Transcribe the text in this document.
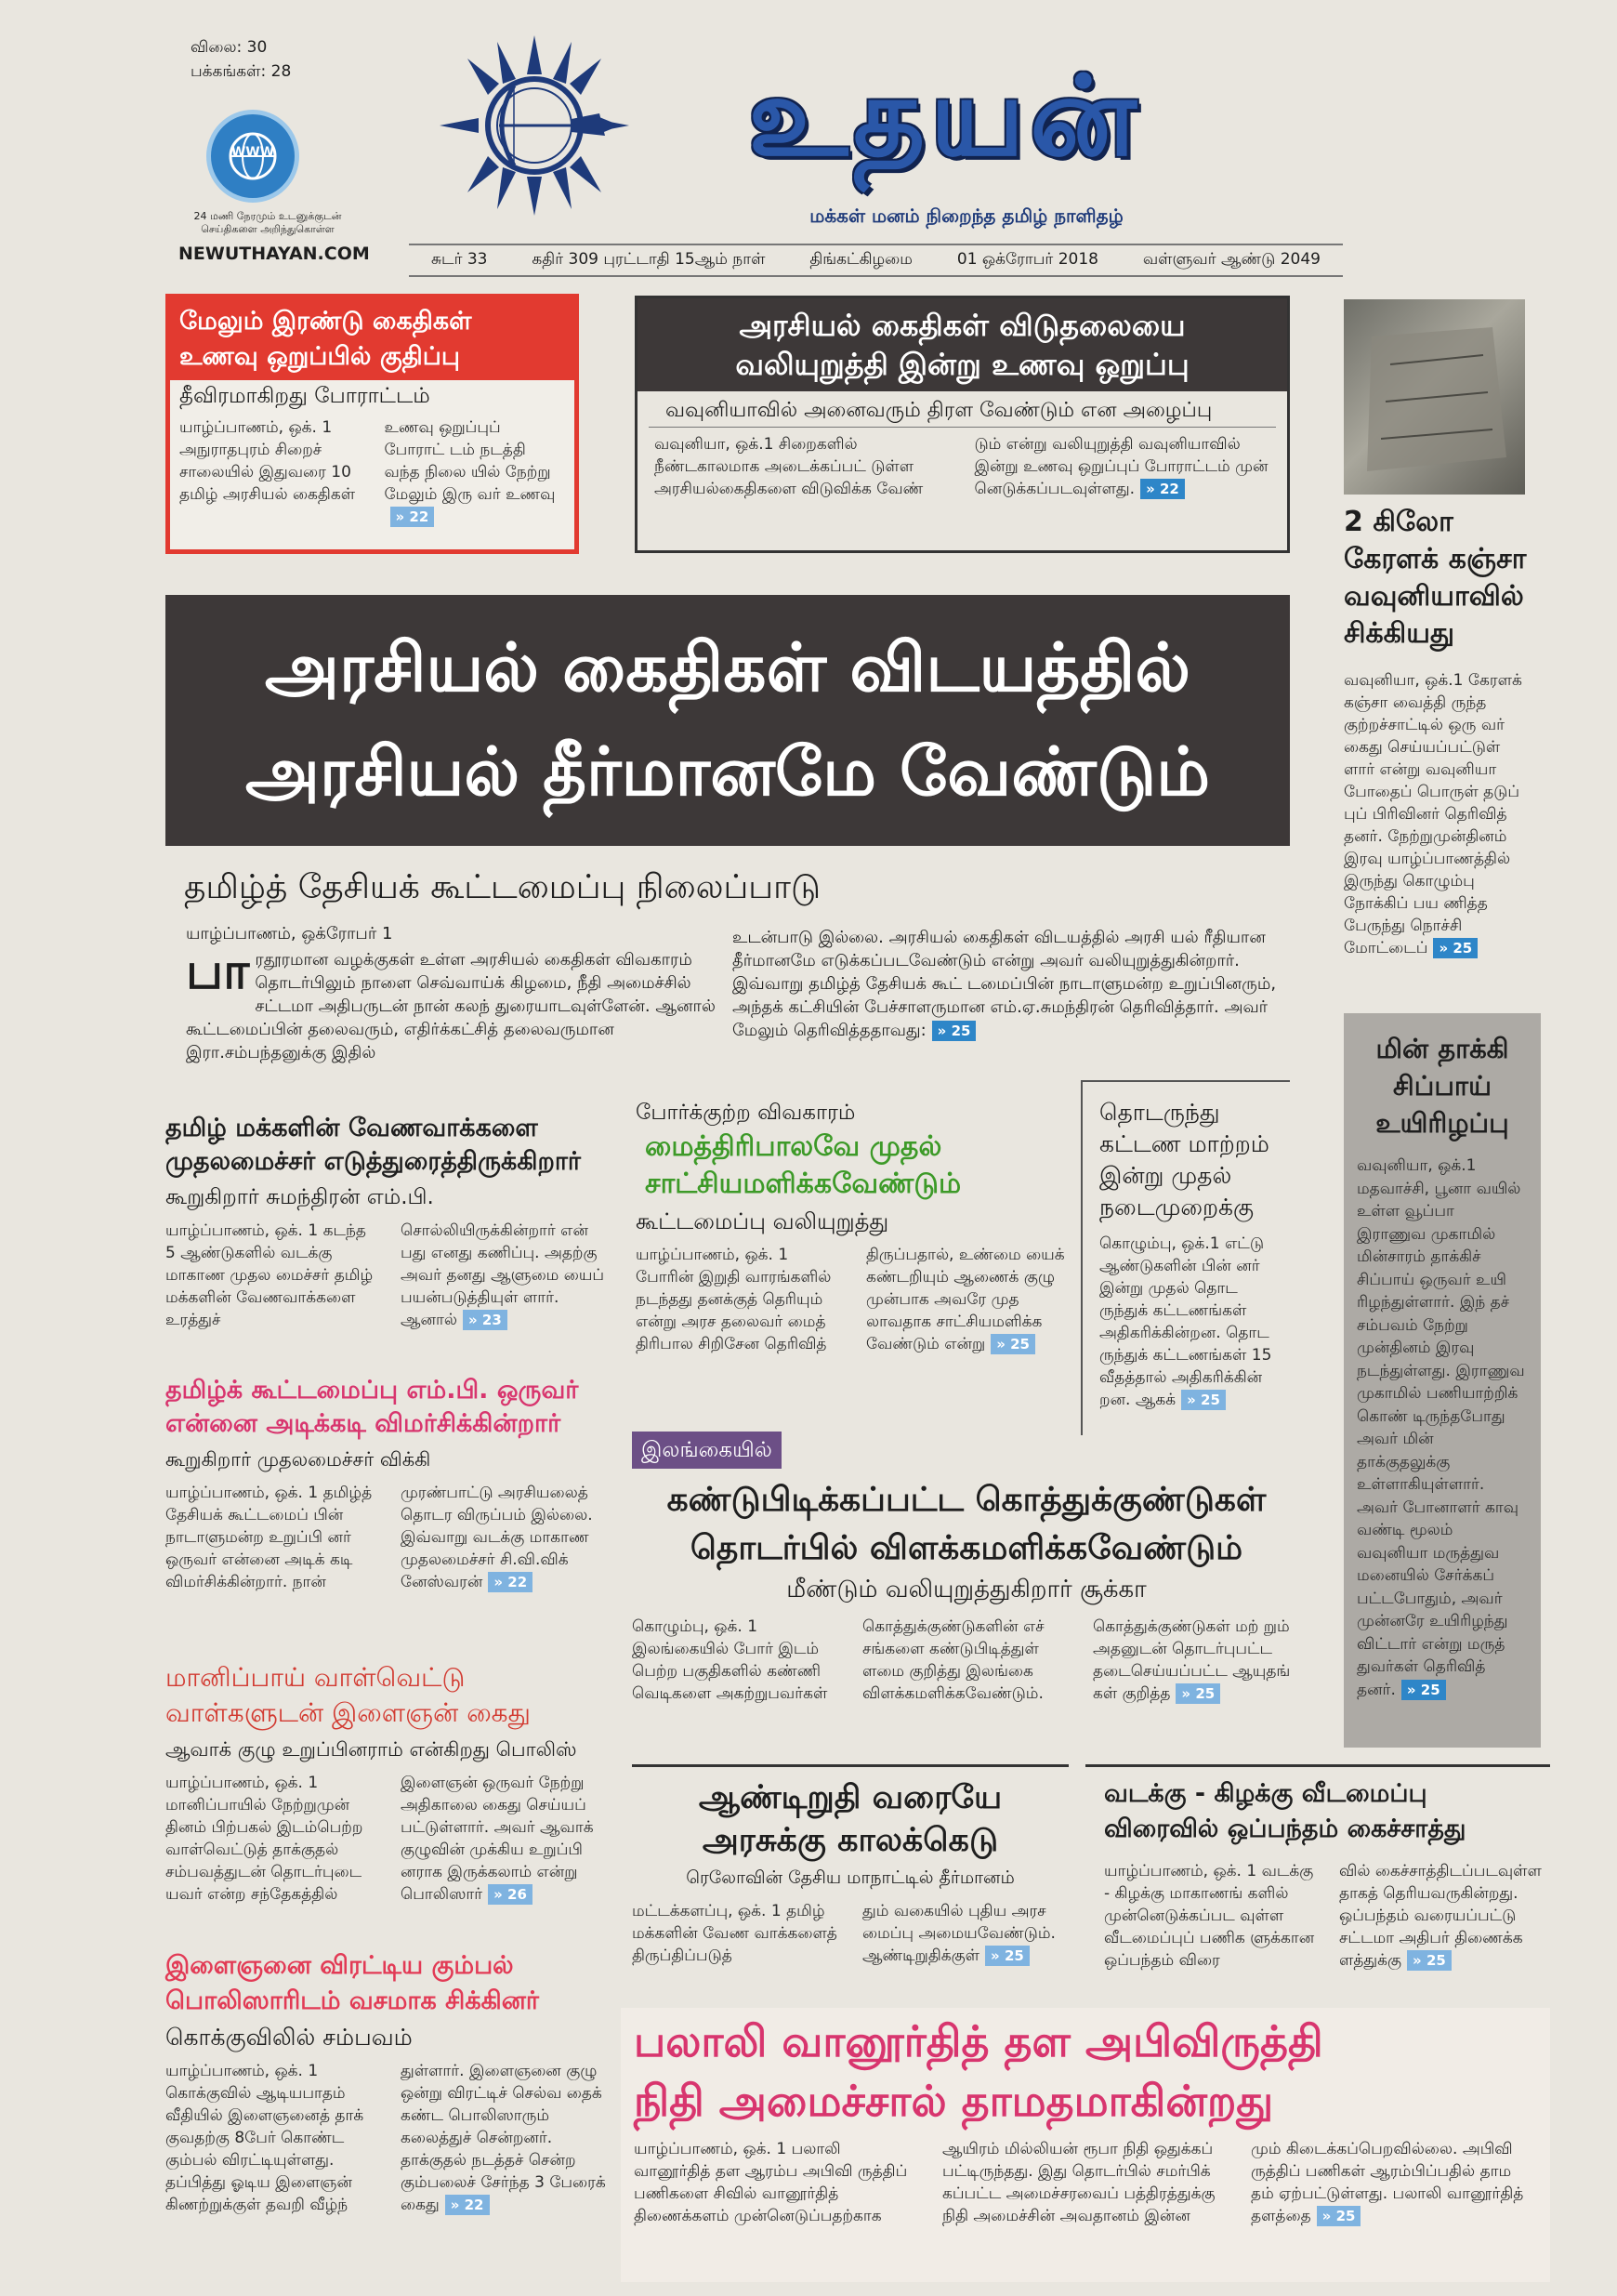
விலை: 30
பக்கங்கள்: 28
WWW
24 மணி நேரமும் உடனுக்குடன் செய்திகளை அறிந்துகொள்ள
NEWUTHAYAN.COM
உதயன்
மக்கள் மனம் நிறைந்த தமிழ் நாளிதழ்
சுடர் 33	கதிர் 309 புரட்டாதி 15ஆம் நாள்	திங்கட்கிழமை	01 ஒக்ரோபர் 2018	வள்ளுவர் ஆண்டு 2049
மேலும் இரண்டு கைதிகள்
உணவு ஒறுப்பில் குதிப்பு
தீவிரமாகிறது போராட்டம்
யாழ்ப்பாணம், ஒக். 1 அநுராதபுரம் சிறைச் சாலையில் இதுவரை 10 தமிழ் அரசியல் கைதிகள்
உணவு ஒறுப்புப் போராட் டம் நடத்தி வந்த நிலை யில் நேற்று மேலும் இரு வர் உணவு» 22
அரசியல் கைதிகள் விடுதலையை
வலியுறுத்தி இன்று உணவு ஒறுப்பு
வவுனியாவில் அனைவரும் திரள வேண்டும் என அழைப்பு
வவுனியா, ஒக்.1 சிறைகளில் நீண்டகாலமாக அடைக்கப்பட் டுள்ள அரசியல்கைதிகளை விடுவிக்க வேண்
டும் என்று வலியுறுத்தி வவுனியாவில் இன்று உணவு ஒறுப்புப் போராட்டம் முன் னெடுக்கப்படவுள்ளது. » 22
2 கிலோ
கேரளக் கஞ்சா
வவுனியாவில்
சிக்கியது
வவுனியா, ஒக்.1 கேரளக் கஞ்சா வைத்தி ருந்த குற்றச்சாட்டில் ஒரு வர் கைது செய்யப்பட்டுள் ளார் என்று வவுனியா போதைப் பொருள் தடுப் புப் பிரிவினர் தெரிவித் தனர். நேற்றுமுன்தினம் இரவு யாழ்ப்பாணத்தில் இருந்து கொழும்பு நோக்கிப் பய ணித்த பேருந்து நொச்சி மோட்டைப் » 25
அரசியல் கைதிகள் விடயத்தில்
அரசியல் தீர்மானமே வேண்டும்
தமிழ்த் தேசியக் கூட்டமைப்பு நிலைப்பாடு
யாழ்ப்பாணம், ஒக்ரோபர் 1
பாரதூரமான வழக்குகள் உள்ள அரசியல் கைதிகள் விவகாரம் தொடர்பிலும் நாளை செவ்வாய்க் கிழமை, நீதி அமைச்சில் சட்டமா அதிபருடன் நான் கலந் துரையாடவுள்ளேன். ஆனால் கூட்டமைப்பின் தலைவரும், எதிர்க்கட்சித் தலைவருமான இரா.சம்பந்தனுக்கு இதில்
உடன்பாடு இல்லை. அரசியல் கைதிகள் விடயத்தில் அரசி யல் ரீதியான தீர்மானமே எடுக்கப்படவேண்டும் என்று அவர் வலியுறுத்துகின்றார். இவ்வாறு தமிழ்த் தேசியக் கூட் டமைப்பின் நாடாளுமன்ற உறுப்பினரும், அந்தக் கட்சியின் பேச்சாளருமான எம்.ஏ.சுமந்திரன் தெரிவித்தார். அவர் மேலும் தெரிவித்ததாவது: » 25
தமிழ் மக்களின் வேணவாக்களை
முதலமைச்சர் எடுத்துரைத்திருக்கிறார்
கூறுகிறார் சுமந்திரன் எம்.பி.
யாழ்ப்பாணம், ஒக். 1 கடந்த 5 ஆண்டுகளில் வடக்கு மாகாண முதல மைச்சர் தமிழ் மக்களின் வேணவாக்களை உரத்துச்
சொல்லியிருக்கின்றார் என் பது எனது கணிப்பு. அதற்கு அவர் தனது ஆளுமை யைப் பயன்படுத்தியுள் ளார். ஆனால் » 23
போர்க்குற்ற விவகாரம்
மைத்திரிபாலவே முதல்
சாட்சியமளிக்கவேண்டும்
கூட்டமைப்பு வலியுறுத்து
யாழ்ப்பாணம், ஒக். 1 போரின் இறுதி வாரங்களில் நடந்தது தனக்குத் தெரியும் என்று அரச தலைவர் மைத் திரிபால சிறிசேன தெரிவித்
திருப்பதால், உண்மை யைக் கண்டறியும் ஆணைக் குழு முன்பாக அவரே முத லாவதாக சாட்சியமளிக்க வேண்டும் என்று » 25
தொடருந்து
கட்டண மாற்றம்
இன்று முதல்
நடைமுறைக்கு
கொழும்பு, ஒக்.1 எட்டு ஆண்டுகளின் பின் னர் இன்று முதல் தொட ருந்துக் கட்டணங்கள் அதிகரிக்கின்றன. தொட ருந்துக் கட்டணங்கள் 15 வீதத்தால் அதிகரிக்கின் றன. ஆகக் » 25
மின் தாக்கி
சிப்பாய்
உயிரிழப்பு
வவுனியா, ஒக்.1 மதவாச்சி, பூனா வயில் உள்ள வூப்பா இராணுவ முகாமில் மின்சாரம் தாக்கிச் சிப்பாய் ஒருவர் உயி ரிழந்துள்ளார். இந் தச் சம்பவம் நேற்று முன்தினம் இரவு நடந்துள்ளது. இராணுவ முகாமில் பணியாற்றிக் கொண் டிருந்தபோது அவர் மின் தாக்குதலுக்கு உள்ளாகியுள்ளார். அவர் போனாளர் காவு வண்டி மூலம் வவுனியா மருத்துவ மனையில் சேர்க்கப் பட்டபோதும், அவர் முன்னரே உயிரிழந்து விட்டார் என்று மருத் துவர்கள் தெரிவித் தனர். » 25
தமிழ்க் கூட்டமைப்பு எம்.பி. ஒருவர்
என்னை அடிக்கடி விமர்சிக்கின்றார்
கூறுகிறார் முதலமைச்சர் விக்கி
யாழ்ப்பாணம், ஒக். 1 தமிழ்த் தேசியக் கூட்டமைப் பின் நாடாளுமன்ற உறுப்பி னர் ஒருவர் என்னை அடிக் கடி விமர்சிக்கின்றார். நான்
முரண்பாட்டு அரசியலைத் தொடர விருப்பம் இல்லை. இவ்வாறு வடக்கு மாகாண முதலமைச்சர் சி.வி.விக் னேஸ்வரன் » 22
இலங்கையில்
கண்டுபிடிக்கப்பட்ட கொத்துக்குண்டுகள்
தொடர்பில் விளக்கமளிக்கவேண்டும்
மீண்டும் வலியுறுத்துகிறார் சூக்கா
கொழும்பு, ஒக். 1 இலங்கையில் போர் இடம் பெற்ற பகுதிகளில் கண்ணி வெடிகளை அகற்றுபவர்கள்
கொத்துக்குண்டுகளின் எச் சங்களை கண்டுபிடித்துள் ளமை குறித்து இலங்கை விளக்கமளிக்கவேண்டும்.
கொத்துக்குண்டுகள் மற் றும் அதனுடன் தொடர்புபட்ட தடைசெய்யப்பட்ட ஆயுதங் கள் குறித்த » 25
மானிப்பாய் வாள்வெட்டு
வாள்களுடன் இளைஞன் கைது
ஆவாக் குழு உறுப்பினராம் என்கிறது பொலிஸ்
யாழ்ப்பாணம், ஒக். 1 மானிப்பாயில் நேற்றுமுன் தினம் பிற்பகல் இடம்பெற்ற வாள்வெட்டுத் தாக்குதல் சம்பவத்துடன் தொடர்புடை யவர் என்ற சந்தேகத்தில்
இளைஞன் ஒருவர் நேற்று அதிகாலை கைது செய்யப் பட்டுள்ளார். அவர் ஆவாக் குழுவின் முக்கிய உறுப்பி னராக இருக்கலாம் என்று பொலிஸார் » 26
ஆண்டிறுதி வரையே
அரசுக்கு காலக்கெடு
ரெலோவின் தேசிய மாநாட்டில் தீர்மானம்
மட்டக்களப்பு, ஒக். 1 தமிழ் மக்களின் வேண வாக்களைத் திருப்திப்படுத்
தும் வகையில் புதிய அரச மைப்பு அமையவேண்டும். ஆண்டிறுதிக்குள் » 25
வடக்கு - கிழக்கு வீடமைப்பு
விரைவில் ஒப்பந்தம் கைச்சாத்து
யாழ்ப்பாணம், ஒக். 1 வடக்கு - கிழக்கு மாகாணங் களில் முன்னெடுக்கப்பட வுள்ள வீடமைப்புப் பணிக ளுக்கான ஒப்பந்தம் விரை
வில் கைச்சாத்திடப்படவுள்ள தாகத் தெரியவருகின்றது. ஒப்பந்தம் வரையப்பட்டு சட்டமா அதிபர் திணைக்க ளத்துக்கு » 25
இளைஞனை விரட்டிய கும்பல்
பொலிஸாரிடம் வசமாக சிக்கினர்
கொக்குவிலில் சம்பவம்
யாழ்ப்பாணம், ஒக். 1 கொக்குவில் ஆடியபாதம் வீதியில் இளைஞனைத் தாக் குவதற்கு 8பேர் கொண்ட கும்பல் விரட்டியுள்ளது. தப்பித்து ஓடிய இளைஞன் கிணற்றுக்குள் தவறி வீழ்ந்
துள்ளார். இளைஞனை குழு ஒன்று விரட்டிச் செல்வ தைக் கண்ட பொலிஸாரும் கலைத்துச் சென்றனர். தாக்குதல் நடத்தச் சென்ற கும்பலைச் சேர்ந்த 3 பேரைக் கைது » 22
பலாலி வானூர்தித் தள அபிவிருத்தி
நிதி அமைச்சால் தாமதமாகின்றது
யாழ்ப்பாணம், ஒக். 1 பலாலி வானூர்தித் தள ஆரம்ப அபிவி ருத்திப் பணிகளை சிவில் வானூர்தித் திணைக்களம் முன்னெடுப்பதற்காக
ஆயிரம் மில்லியன் ரூபா நிதி ஒதுக்கப் பட்டிருந்தது. இது தொடர்பில் சமர்பிக் கப்பட்ட அமைச்சரவைப் பத்திரத்துக்கு நிதி அமைச்சின் அவதானம் இன்ன
மும் கிடைக்கப்பெறவில்லை. அபிவி ருத்திப் பணிகள் ஆரம்பிப்பதில் தாம தம் ஏற்பட்டுள்ளது. பலாலி வானூர்தித் தளத்தை » 25
